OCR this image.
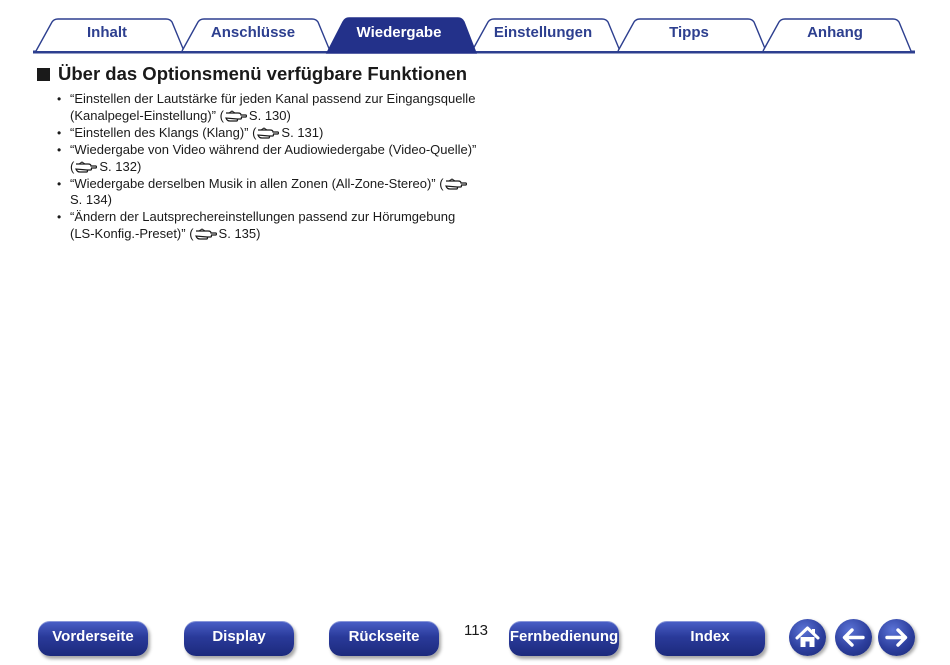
Inhalt	Anschlüsse	Wiedergabe	Einstellungen	Tipps	Anhang
Über das Optionsmenü verfügbare Funktionen
• “Einstellen der Lautstärke für jeden Kanal passend zur Eingangsquelle (Kanalpegel-Einstellung)” ( S. 130)
• “Einstellen des Klangs (Klang)” ( S. 131)
• “Wiedergabe von Video während der Audiowiedergabe (Video-Quelle)” ( S. 132)
• “Wiedergabe derselben Musik in allen Zonen (All-Zone-Stereo)” (S. 134)
• “Ändern der Lautsprechereinstellungen passend zur Hörumgebung (LS-Konfig.-Preset)” ( S. 135)
Vorderseite	Display	Rückseite	113	Fernbedienung	Index
